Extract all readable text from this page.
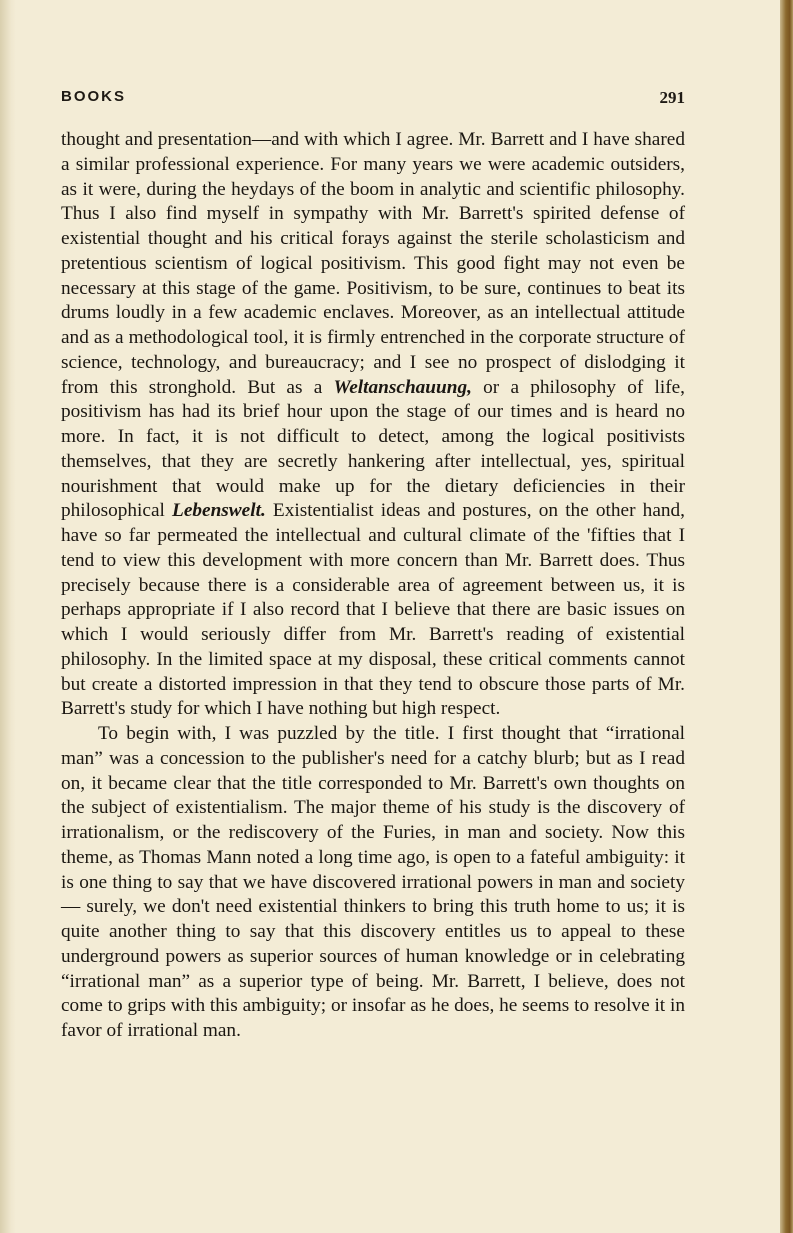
BOOKS	291

thought and presentation—and with which I agree. Mr. Barrett and I have shared a similar professional experience. For many years we were academic outsiders, as it were, during the heydays of the boom in analytic and scientific philosophy. Thus I also find myself in sympathy with Mr. Barrett's spirited defense of existential thought and his critical forays against the sterile scholasticism and pretentious scientism of logical positivism. This good fight may not even be necessary at this stage of the game. Positivism, to be sure, continues to beat its drums loudly in a few academic enclaves. Moreover, as an intellectual attitude and as a methodological tool, it is firmly entrenched in the corporate structure of science, technology, and bureaucracy; and I see no prospect of dislodging it from this stronghold. But as a Weltanschauung, or a philosophy of life, positivism has had its brief hour upon the stage of our times and is heard no more. In fact, it is not difficult to detect, among the logical positivists themselves, that they are secretly hankering after intellectual, yes, spiritual nourishment that would make up for the dietary deficiencies in their philosophical Lebenswelt. Existentialist ideas and postures, on the other hand, have so far permeated the intellectual and cultural climate of the 'fifties that I tend to view this development with more concern than Mr. Barrett does. Thus precisely because there is a considerable area of agreement between us, it is perhaps appropriate if I also record that I believe that there are basic issues on which I would seriously differ from Mr. Barrett's reading of existential philosophy. In the limited space at my disposal, these critical comments cannot but create a distorted impression in that they tend to obscure those parts of Mr. Barrett's study for which I have nothing but high respect.

To begin with, I was puzzled by the title. I first thought that “irrational man” was a concession to the publisher's need for a catchy blurb; but as I read on, it became clear that the title corresponded to Mr. Barrett's own thoughts on the subject of existentialism. The major theme of his study is the discovery of irrationalism, or the rediscovery of the Furies, in man and society. Now this theme, as Thomas Mann noted a long time ago, is open to a fateful ambiguity: it is one thing to say that we have discovered irrational powers in man and society— surely, we don't need existential thinkers to bring this truth home to us; it is quite another thing to say that this discovery entitles us to appeal to these underground powers as superior sources of human knowledge or in celebrating “irrational man” as a superior type of being. Mr. Barrett, I believe, does not come to grips with this ambiguity; or insofar as he does, he seems to resolve it in favor of irrational man.
